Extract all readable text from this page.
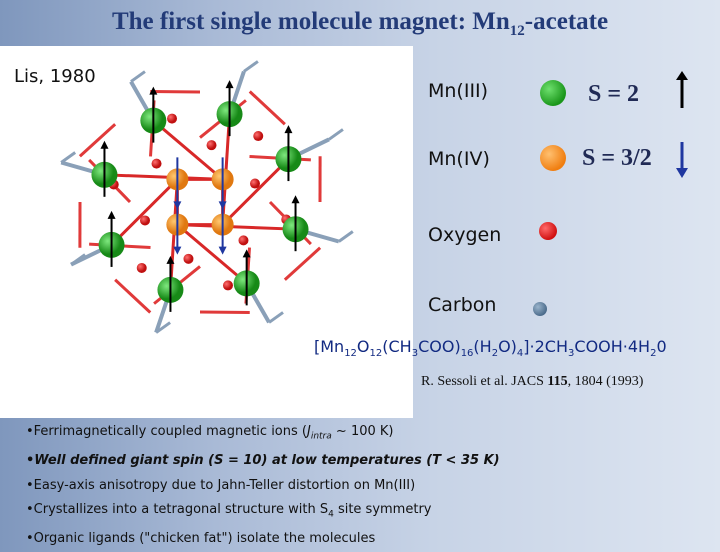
The first single molecule magnet: $Mn_{12}$-acetate
Lis, 1980
Mn(III)	S = 2
Mn(IV)	S = 3/2
Oxygen
Carbon
$[Mn_{12}O_{12}(CH_3COO)_{16}(H_2O)_4]\cdot 2CH_3COOH\cdot 4H_20$
R. Sessoli et al. JACS 115, 1804 (1993)
•Ferrimagnetically coupled magnetic ions ($J_{intra}$ ~ 100 K)
•Well defined giant spin (S = 10) at low temperatures (T < 35 K)
•Easy-axis anisotropy due to Jahn-Teller distortion on Mn(III)
•Crystallizes into a tetragonal structure with $S_4$ site symmetry
•Organic ligands ("chicken fat") isolate the molecules
